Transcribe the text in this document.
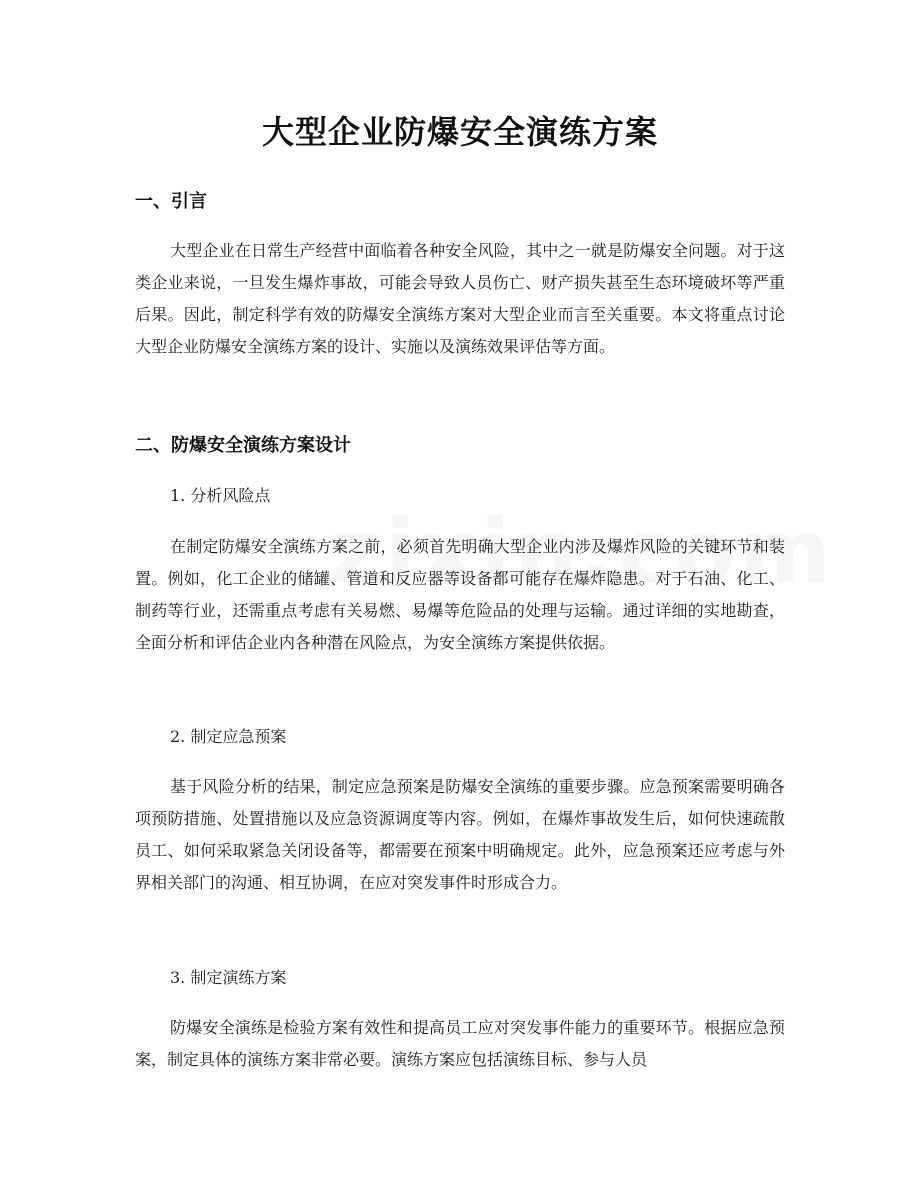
大型企业防爆安全演练方案
一、引言

大型企业在日常生产经营中面临着各种安全风险，其中之一就是防爆安全问题。对于这类企业来说，一旦发生爆炸事故，可能会导致人员伤亡、财产损失甚至生态环境破坏等严重后果。因此，制定科学有效的防爆安全演练方案对大型企业而言至关重要。本文将重点讨论大型企业防爆安全演练方案的设计、实施以及演练效果评估等方面。

二、防爆安全演练方案设计
1. 分析风险点

在制定防爆安全演练方案之前，必须首先明确大型企业内涉及爆炸风险的关键环节和装置。例如，化工企业的储罐、管道和反应器等设备都可能存在爆炸隐患。对于石油、化工、制药等行业，还需重点考虑有关易燃、易爆等危险品的处理与运输。通过详细的实地勘查，全面分析和评估企业内各种潜在风险点，为安全演练方案提供依据。

2. 制定应急预案

基于风险分析的结果，制定应急预案是防爆安全演练的重要步骤。应急预案需要明确各项预防措施、处置措施以及应急资源调度等内容。例如，在爆炸事故发生后，如何快速疏散员工、如何采取紧急关闭设备等，都需要在预案中明确规定。此外，应急预案还应考虑与外界相关部门的沟通、相互协调，在应对突发事件时形成合力。

3. 制定演练方案

防爆安全演练是检验方案有效性和提高员工应对突发事件能力的重要环节。根据应急预案，制定具体的演练方案非常必要。演练方案应包括演练目标、参与人员
